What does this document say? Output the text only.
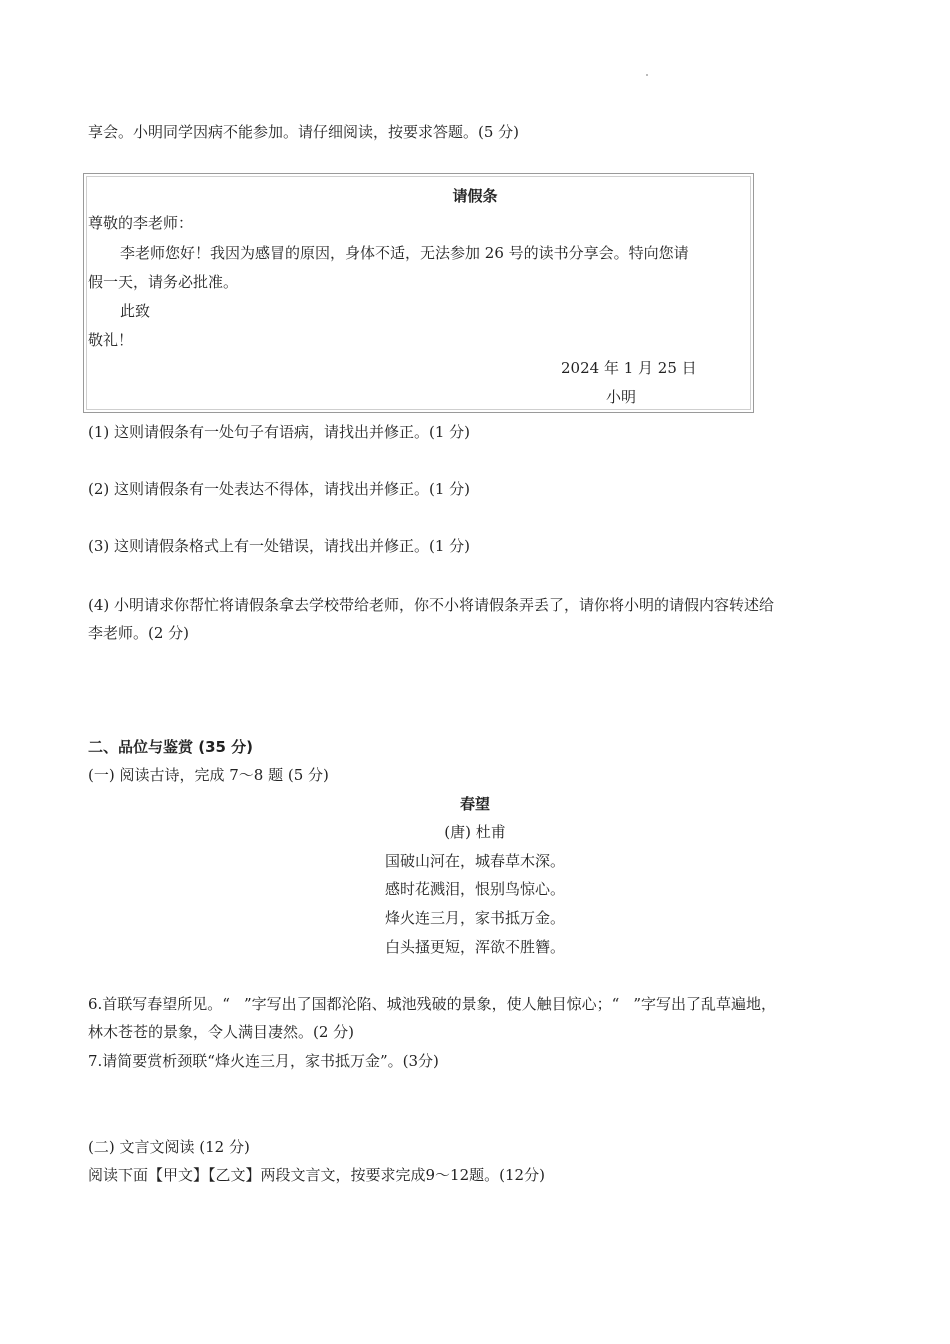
享会。小明同学因病不能参加。请仔细阅读，按要求答题。(5 分)
请假条
尊敬的李老师：
李老师您好！我因为感冒的原因，身体不适，无法参加 26 号的读书分享会。特向您请
假一天，请务必批准。
此致
敬礼！
2024 年 1 月 25 日
小明
(1) 这则请假条有一处句子有语病，请找出并修正。(1 分)
(2) 这则请假条有一处表达不得体，请找出并修正。(1 分)
(3) 这则请假条格式上有一处错误，请找出并修正。(1 分)
(4) 小明请求你帮忙将请假条拿去学校带给老师，你不小将请假条弄丢了，请你将小明的请假内容转述给
李老师。(2 分)
二、品位与鉴赏 (35 分)
(一) 阅读古诗，完成 7～8 题 (5 分)
春望
(唐) 杜甫
国破山河在，城春草木深。
感时花溅泪，恨别鸟惊心。
烽火连三月，家书抵万金。
白头搔更短，浑欲不胜簪。
6.首联写春望所见。“ ”字写出了国都沦陷、城池残破的景象，使人触目惊心；“ ”字写出了乱草遍地，
林木苍苍的景象，令人满目凄然。(2 分)
7.请简要赏析颈联“烽火连三月，家书抵万金”。(3分)
(二) 文言文阅读 (12 分)
阅读下面【甲文】【乙文】两段文言文，按要求完成9～12题。(12分)
